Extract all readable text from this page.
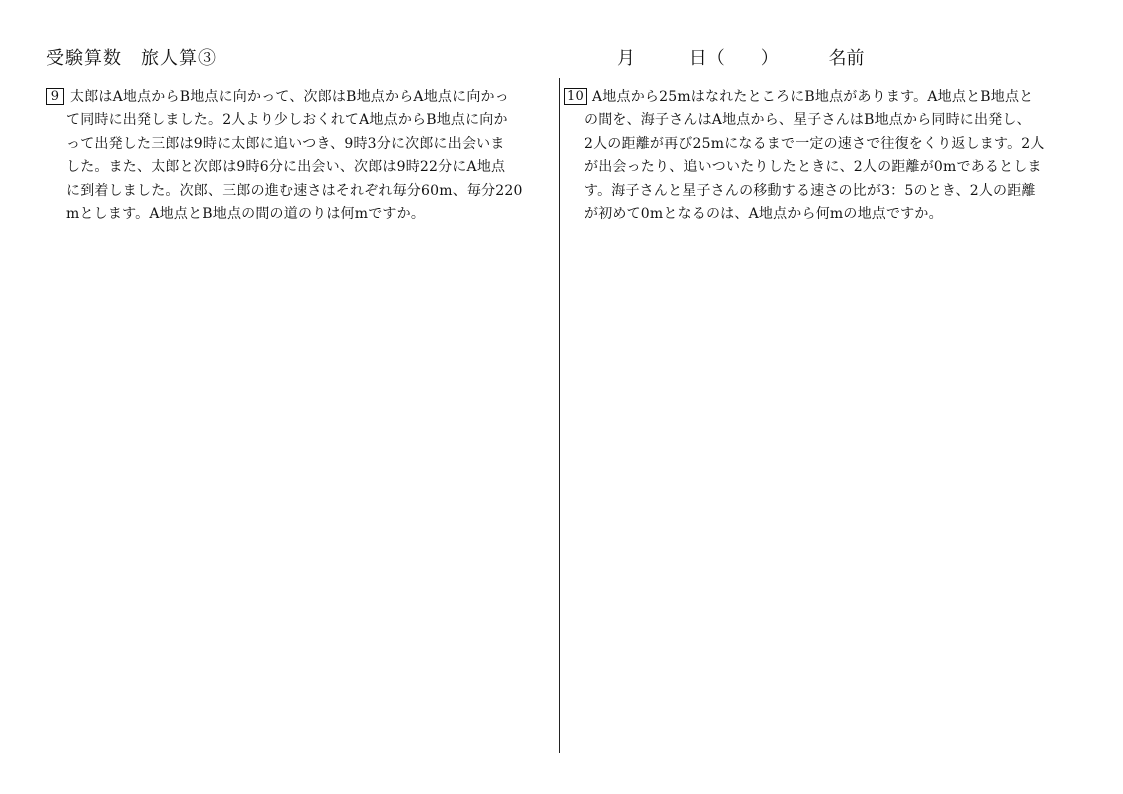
受験算数　旅人算③	月	日（　　）	名前
9 太郎はA地点からB地点に向かって、次郎はB地点からA地点に向かっ
て同時に出発しました。2人より少しおくれてA地点からB地点に向か
って出発した三郎は9時に太郎に追いつき、9時3分に次郎に出会いま
した。また、太郎と次郎は9時6分に出会い、次郎は9時22分にA地点
に到着しました。次郎、三郎の進む速さはそれぞれ毎分60m、毎分220
mとします。A地点とB地点の間の道のりは何mですか。
10 A地点から25mはなれたところにB地点があります。A地点とB地点と
の間を、海子さんはA地点から、星子さんはB地点から同時に出発し、
2人の距離が再び25mになるまで一定の速さで往復をくり返します。2人
が出会ったり、追いついたりしたときに、2人の距離が0mであるとしま
す。海子さんと星子さんの移動する速さの比が3：5のとき、2人の距離
が初めて0mとなるのは、A地点から何mの地点ですか。
